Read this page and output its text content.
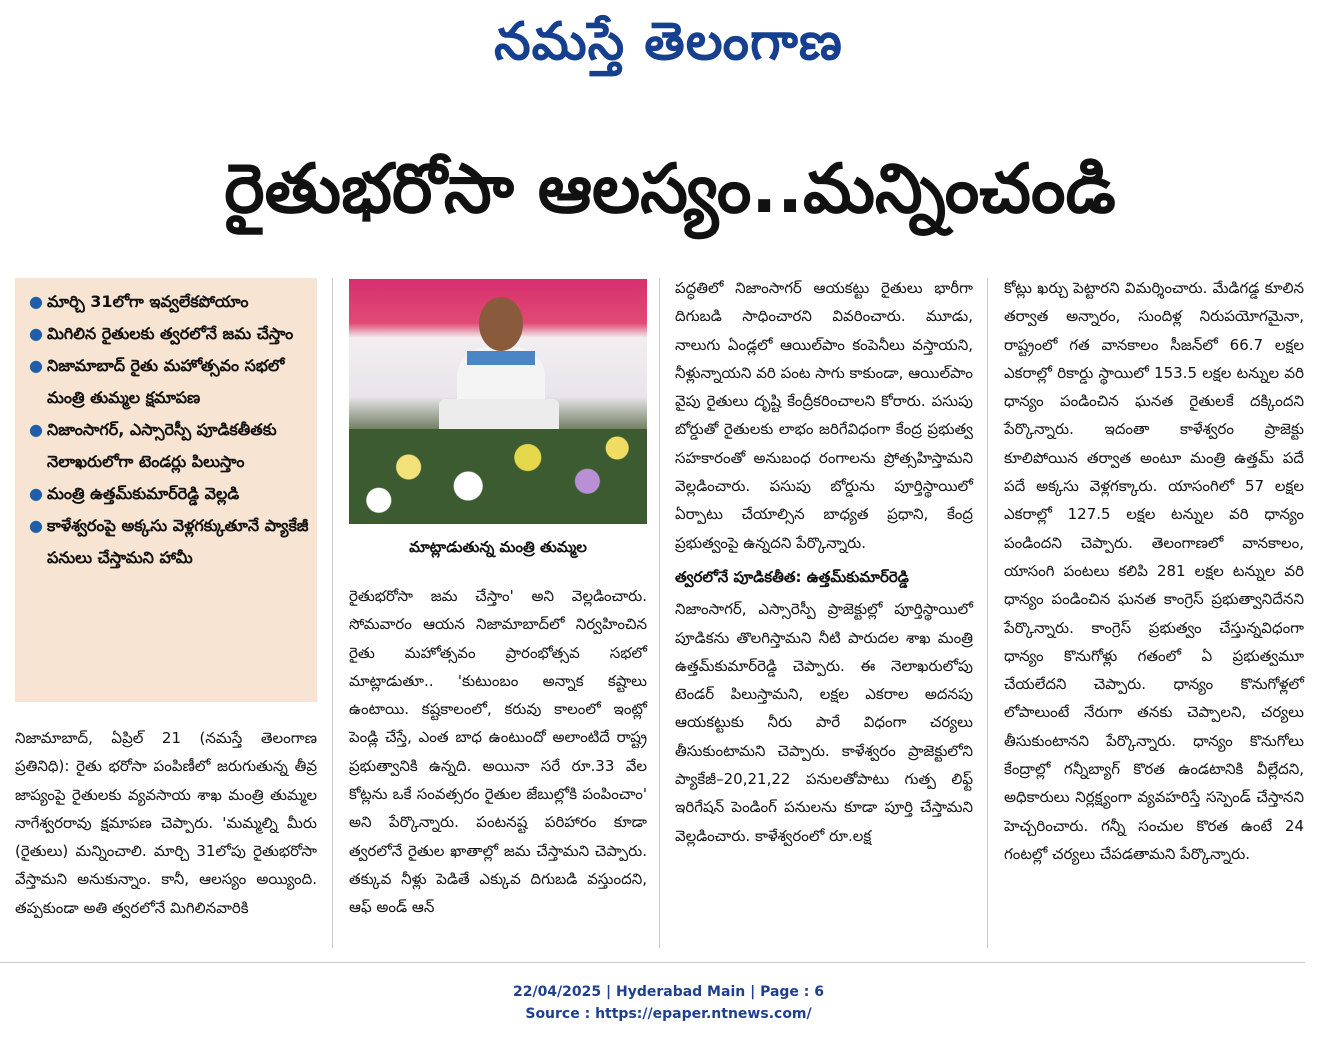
నమస్తే తెలంగాణ
రైతుభరోసా ఆలస్యం..మన్నించండి
● మార్చి 31లోగా ఇవ్వలేకపోయాం
● మిగిలిన రైతులకు త్వరలోనే జమ చేస్తాం
● నిజామాబాద్ రైతు మహోత్సవం సభలో మంత్రి తుమ్మల క్షమాపణ
● నిజాంసాగర్, ఎస్సారెస్పీ పూడికతీతకు నెలాఖరులోగా టెండర్లు పిలుస్తాం
● మంత్రి ఉత్తమ్‌కుమార్‌రెడ్డి వెల్లడి
● కాళేశ్వరంపై అక్కసు వెళ్లగక్కుతూనే ప్యాకేజీ పనులు చేస్తామని హామీ
మాట్లాడుతున్న మంత్రి తుమ్మల

నిజామాబాద్, ఏప్రిల్ 21 (నమస్తే తెలంగాణ ప్రతినిధి): రైతు భరోసా పంపిణీలో జరుగుతున్న తీవ్ర జాప్యంపై రైతులకు వ్యవసాయ శాఖ మంత్రి తుమ్మల నాగేశ్వరరావు క్షమాపణ చెప్పారు. 'మమ్మల్ని మీరు (రైతులు) మన్నించాలి. మార్చి 31లోపు రైతుభరోసా వేస్తామని అనుకున్నాం. కానీ, ఆలస్యం అయ్యింది. తప్పకుండా అతి త్వరలోనే మిగిలినవారికి

రైతుభరోసా జమ చేస్తాం' అని వెల్లడించారు. సోమవారం ఆయన నిజామాబాద్‌లో నిర్వహించిన రైతు మహోత్సవం ప్రారంభోత్సవ సభలో మాట్లాడుతూ.. 'కుటుంబం అన్నాక కష్టాలు ఉంటాయి. కష్టకాలంలో, కరువు కాలంలో ఇంట్లో పెండ్లి చేస్తే, ఎంత బాధ ఉంటుందో అలాంటిదే రాష్ట్ర ప్రభుత్వానికి ఉన్నది. అయినా సరే రూ.33 వేల కోట్లను ఒకే సంవత్సరం రైతుల జేబుల్లోకి పంపించాం' అని పేర్కొన్నారు. పంటనష్ట పరిహారం కూడా త్వరలోనే రైతుల ఖాతాల్లో జమ చేస్తామని చెప్పారు. తక్కువ నీళ్లు పెడితే ఎక్కువ దిగుబడి వస్తుందని, ఆఫ్ అండ్ ఆన్

పద్ధతిలో నిజాంసాగర్ ఆయకట్టు రైతులు భారీగా దిగుబడి సాధించారని వివరించారు. మూడు, నాలుగు ఏండ్లలో ఆయిల్‌పాం కంపెనీలు వస్తాయని, నీళ్లున్నాయని వరి పంట సాగు కాకుండా, ఆయిల్‌పాం వైపు రైతులు దృష్టి కేంద్రీకరించాలని కోరారు. పసుపు బోర్డుతో రైతులకు లాభం జరిగేవిధంగా కేంద్ర ప్రభుత్వ సహకారంతో అనుబంధ రంగాలను ప్రోత్సహిస్తామని వెల్లడించారు. పసుపు బోర్డును పూర్తిస్థాయిలో ఏర్పాటు చేయాల్సిన బాధ్యత ప్రధాని, కేంద్ర ప్రభుత్వంపై ఉన్నదని పేర్కొన్నారు.

త్వరలోనే పూడికతీత: ఉత్తమ్‌కుమార్‌రెడ్డి

నిజాంసాగర్, ఎస్సారెస్పీ ప్రాజెక్టుల్లో పూర్తిస్థాయిలో పూడికను తొలగిస్తామని నీటి పారుదల శాఖ మంత్రి ఉత్తమ్‌కుమార్‌రెడ్డి చెప్పారు. ఈ నెలాఖరులోపు టెండర్ పిలుస్తామని, లక్షల ఎకరాల అదనపు ఆయకట్టుకు నీరు పారే విధంగా చర్యలు తీసుకుంటామని చెప్పారు. కాళేశ్వరం ప్రాజెక్టులోని ప్యాకేజీ–20,21,22 పనులతోపాటు గుత్ప లిఫ్ట్ ఇరిగేషన్ పెండింగ్ పనులను కూడా పూర్తి చేస్తామని వెల్లడించారు. కాళేశ్వరంలో రూ.లక్ష

కోట్లు ఖర్చు పెట్టారని విమర్శించారు. మేడిగడ్డ కూలిన తర్వాత అన్నారం, సుందిళ్ల నిరుపయోగమైనా, రాష్ట్రంలో గత వానకాలం సీజన్‌లో 66.7 లక్షల ఎకరాల్లో రికార్డు స్థాయిలో 153.5 లక్షల టన్నుల వరి ధాన్యం పండించిన ఘనత రైతులకే దక్కిందని పేర్కొన్నారు. ఇదంతా కాళేశ్వరం ప్రాజెక్టు కూలిపోయిన తర్వాత అంటూ మంత్రి ఉత్తమ్ పదే పదే అక్కసు వెళ్లగక్కారు. యాసంగిలో 57 లక్షల ఎకరాల్లో 127.5 లక్షల టన్నుల వరి ధాన్యం పండిందని చెప్పారు. తెలంగాణలో వానకాలం, యాసంగి పంటలు కలిపి 281 లక్షల టన్నుల వరి ధాన్యం పండించిన ఘనత కాంగ్రెస్ ప్రభుత్వానిదేనని పేర్కొన్నారు. కాంగ్రెస్ ప్రభుత్వం చేస్తున్నవిధంగా ధాన్యం కొనుగోళ్లు గతంలో ఏ ప్రభుత్వమూ చేయలేదని చెప్పారు. ధాన్యం కొనుగోళ్లలో లోపాలుంటే నేరుగా తనకు చెప్పాలని, చర్యలు తీసుకుంటానని పేర్కొన్నారు. ధాన్యం కొనుగోలు కేంద్రాల్లో గన్నీబ్యాగ్ కొరత ఉండటానికి వీల్లేదని, అధికారులు నిర్లక్ష్యంగా వ్యవహరిస్తే సస్పెండ్ చేస్తానని హెచ్చరించారు. గన్నీ సంచుల కొరత ఉంటే 24 గంటల్లో చర్యలు చేపడతామని పేర్కొన్నారు.

22/04/2025 | Hyderabad Main | Page : 6
Source : https://epaper.ntnews.com/
